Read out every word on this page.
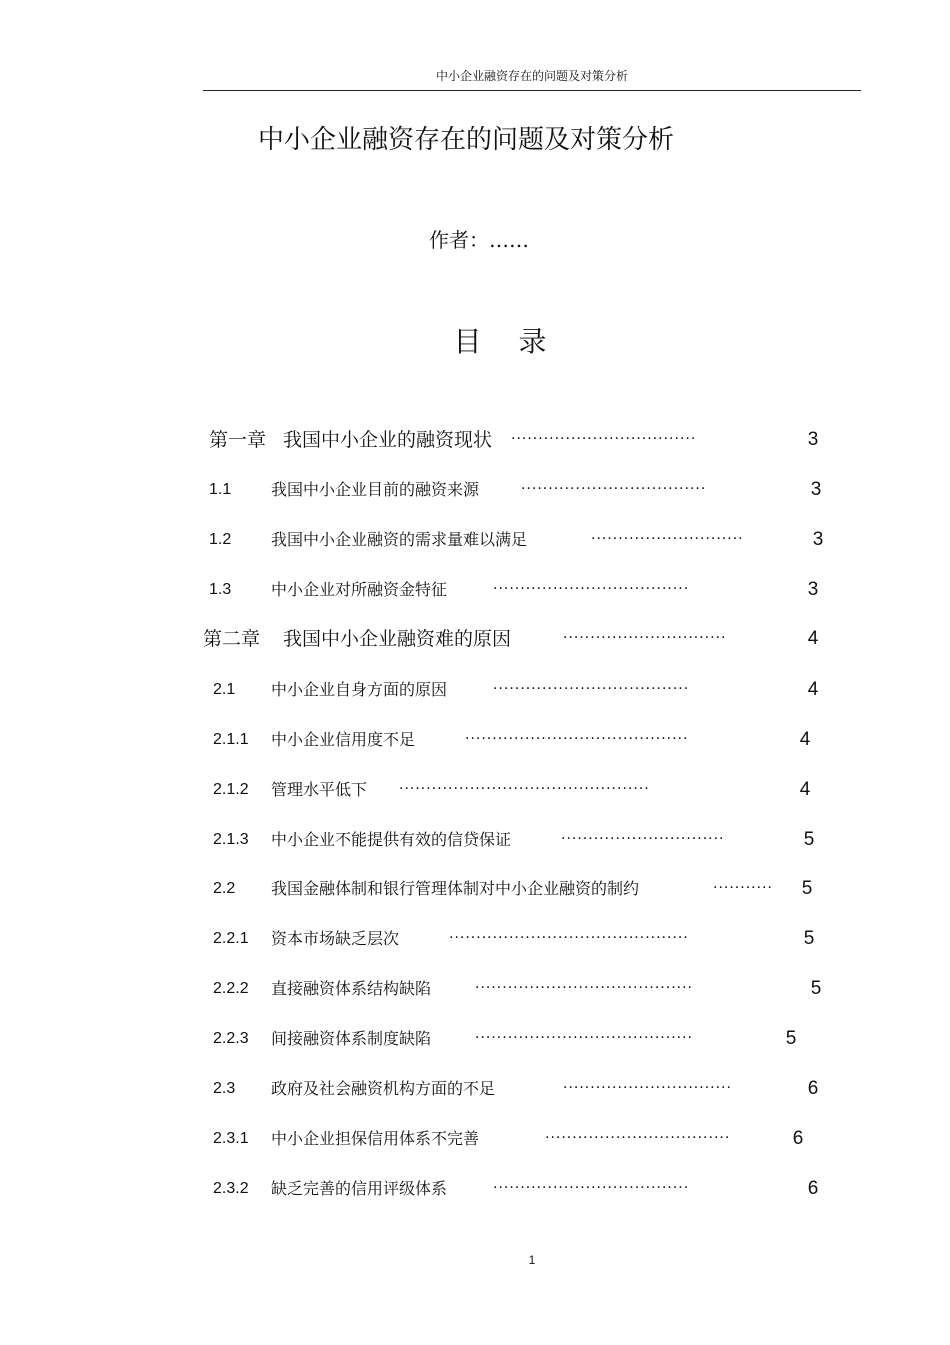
中小企业融资存在的问题及对策分析
中小企业融资存在的问题及对策分析
作者：……
目 录
第一章 我国中小企业的融资现状 ··································	3
1.1 我国中小企业目前的融资来源	··································	3
1.2 我国中小企业融资的需求量难以满足	····························	3
1.3 中小企业对所融资金特征	····································	3
第二章 我国中小企业融资难的原因	······························	4
2.1 中小企业自身方面的原因	····································	4
2.1.1 中小企业信用度不足	·········································	4
2.1.2 管理水平低下 ··············································	4
2.1.3 中小企业不能提供有效的信贷保证	······························	5
2.2 我国金融体制和银行管理体制对中小企业融资的制约	··········· 5
2.2.1 资本市场缺乏层次	············································	5
2.2.2 直接融资体系结构缺陷	········································	5
2.2.3 间接融资体系制度缺陷	········································	5
2.3 政府及社会融资机构方面的不足	·······························	6
2.3.1 中小企业担保信用体系不完善	··································	6
2.3.2 缺乏完善的信用评级体系	····································	6
1
